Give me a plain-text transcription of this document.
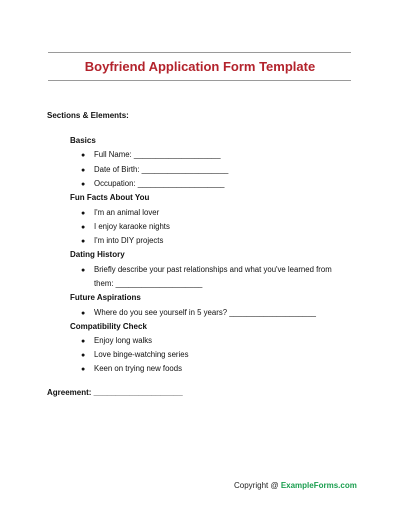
Boyfriend Application Form Template
Sections & Elements:
Basics
● Full Name: ____________________
● Date of Birth: ____________________
● Occupation: ____________________
Fun Facts About You
● I'm an animal lover
● I enjoy karaoke nights
● I'm into DIY projects
Dating History
● Briefly describe your past relationships and what you've learned from
them: ____________________
Future Aspirations
● Where do you see yourself in 5 years? ____________________
Compatibility Check
● Enjoy long walks
● Love binge-watching series
● Keen on trying new foods
Agreement: ____________________
Copyright @ ExampleForms.com
